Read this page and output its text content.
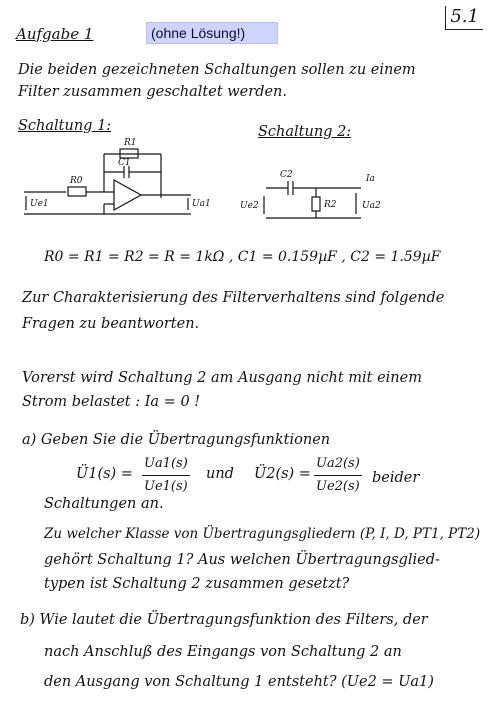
5.1
Aufgabe 1	(ohne Lösung!)
Die beiden gezeichneten Schaltungen sollen zu einem
Filter zusammen geschaltet werden.
Schaltung 1:	Schaltung 2:
R1
C1
R0
Ue1	Ua1
C2
R2
Ia
Ue2	Ua2
R0 = R1 = R2 = R = 1kΩ , C1 = 0.159µF , C2 = 1.59µF
Zur Charakterisierung des Filterverhaltens sind folgende
Fragen zu beantworten.
Vorerst wird Schaltung 2 am Ausgang nicht mit einem
Strom belastet : Ia = 0 !
a) Geben Sie die Übertragungsfunktionen
Ü1(s) =
Ua1(s)
Ue1(s)
und Ü2(s) =
Ua2(s)
Ue2(s)
beider
Schaltungen an.
Zu welcher Klasse von Übertragungsgliedern (P, I, D, PT1, PT2)
gehört Schaltung 1? Aus welchen Übertragungsglied-
typen ist Schaltung 2 zusammen gesetzt?
b) Wie lautet die Übertragungsfunktion des Filters, der
nach Anschluß des Eingangs von Schaltung 2 an
den Ausgang von Schaltung 1 entsteht? (Ue2 = Ua1)
